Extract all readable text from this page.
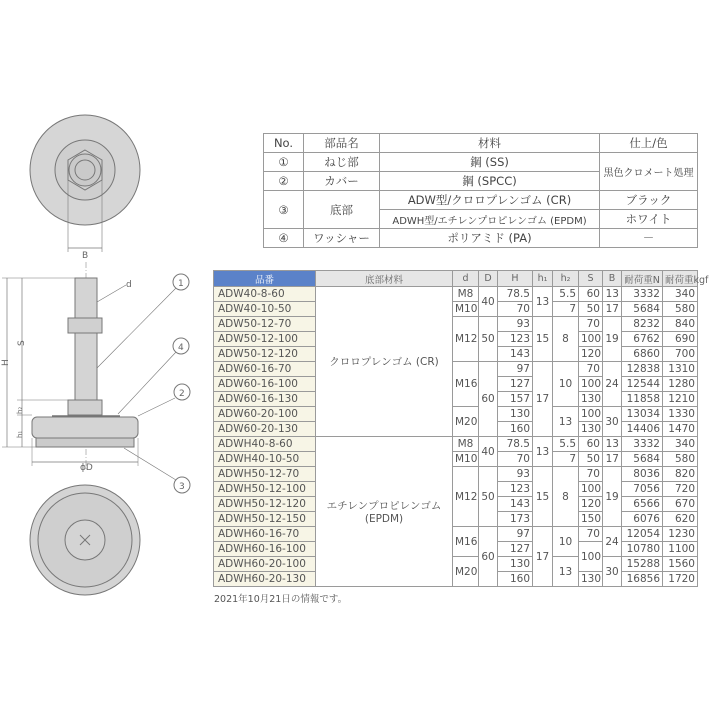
B
d
H
S
h₂
h₁
ϕD
1
4
2
3
No.	部品名	材料	仕上/色
①	ねじ部	鋼 (SS)	黒色クロメート処理
②	カバー	鋼 (SPCC)	
③	底部	ADW型/クロロプレンゴム (CR)	ブラック
		ADWH型/エチレンプロピレンゴム (EPDM)	ホワイト
④	ワッシャー	ポリアミド (PA)	－
品番	底部材料	d	D	H	h₁	h₂	S	B	耐荷重N	耐荷重kgf
ADW40-8-60	クロロプレンゴム (CR)	M8	40	78.5	13	5.5	60	13	3332	340
ADW40-10-50		M10		70		7	50	17	5684	580
ADW50-12-70		M12	50	93	15	8	70	19	8232	840
ADW50-12-100				123			100		6762	690
ADW50-12-120				143			120		6860	700
ADW60-16-70		M16	60	97	17	10	70	24	12838	1310
ADW60-16-100				127			100		12544	1280
ADW60-16-130				157			130		11858	1210
ADW60-20-100		M20		130		13	100	30	13034	1330
ADW60-20-130				160			130		14406	1470
ADWH40-8-60	エチレンプロピレンゴム (EPDM)	M8	40	78.5	13	5.5	60	13	3332	340
ADWH40-10-50		M10		70		7	50	17	5684	580
ADWH50-12-70		M12	50	93	15	8	70	19	8036	820
ADWH50-12-100				123			100		7056	720
ADWH50-12-120				143			120		6566	670
ADWH50-12-150				173			150		6076	620
ADWH60-16-70		M16	60	97	17	10	70	24	12054	1230
ADWH60-16-100				127			100		10780	1100
ADWH60-20-100		M20		130		13		30	15288	1560
ADWH60-20-130				160			130		16856	1720
2021年10月21日の情報です。
